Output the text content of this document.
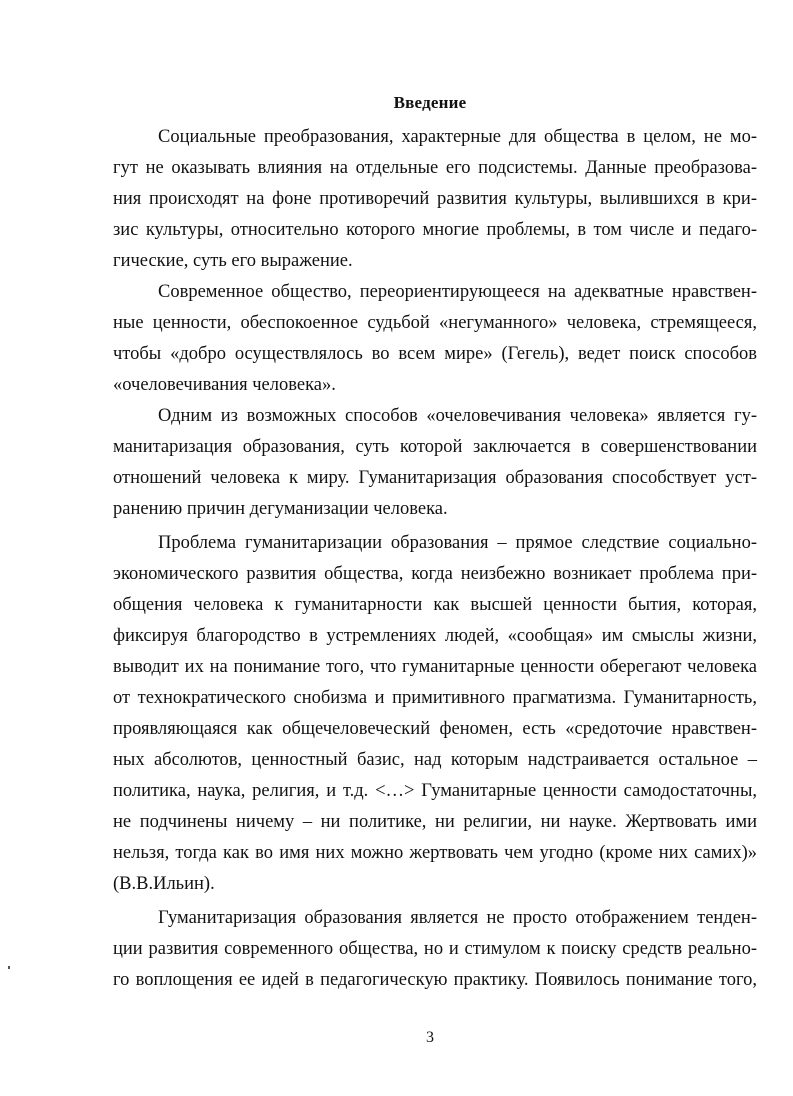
Введение
Социальные преобразования, характерные для общества в целом, не мо-
гут не оказывать влияния на отдельные его подсистемы. Данные преобразова-
ния происходят на фоне противоречий развития культуры, вылившихся в кри-
зис культуры, относительно которого многие проблемы, в том числе и педаго-
гические, суть его выражение.
Современное общество, переориентирующееся на адекватные нравствен-
ные ценности, обеспокоенное судьбой «негуманного» человека, стремящееся,
чтобы «добро осуществлялось во всем мире» (Гегель), ведет поиск способов
«очеловечивания человека».
Одним из возможных способов «очеловечивания человека» является гу-
манитаризация образования, суть которой заключается в совершенствовании
отношений человека к миру. Гуманитаризация образования способствует уст-
ранению причин дегуманизации человека.
Проблема гуманитаризации образования – прямое следствие социально-
экономического развития общества, когда неизбежно возникает проблема при-
общения человека к гуманитарности как высшей ценности бытия, которая,
фиксируя благородство в устремлениях людей, «сообщая» им смыслы жизни,
выводит их на понимание того, что гуманитарные ценности оберегают человека
от технократического снобизма и примитивного прагматизма. Гуманитарность,
проявляющаяся как общечеловеческий феномен, есть «средоточие нравствен-
ных абсолютов, ценностный базис, над которым надстраивается остальное –
политика, наука, религия, и т.д. <…> Гуманитарные ценности самодостаточны,
не подчинены ничему – ни политике, ни религии, ни науке. Жертвовать ими
нельзя, тогда как во имя них можно жертвовать чем угодно (кроме них самих)»
(В.В.Ильин).
Гуманитаризация образования является не просто отображением тенден-
ции развития современного общества, но и стимулом к поиску средств реально-
го воплощения ее идей в педагогическую практику. Появилось понимание того,
3
